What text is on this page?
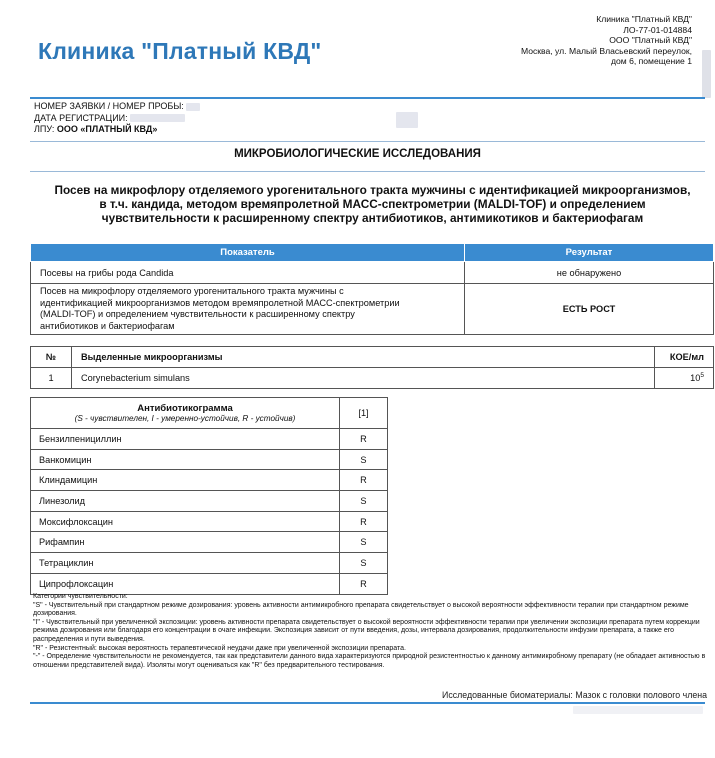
Клиника "Платный КВД"
Клиника "Платный КВД"
ЛО-77-01-014884
ООО "Платный КВД"
Москва, ул. Малый Власьевский переулок,
дом 6, помещение 1
НОМЕР ЗАЯВКИ / НОМЕР ПРОБЫ:
ДАТА РЕГИСТРАЦИИ:
ЛПУ: ООО «ПЛАТНЫЙ КВД»
МИКРОБИОЛОГИЧЕСКИЕ ИССЛЕДОВАНИЯ
Посев на микрофлору отделяемого урогенитального тракта мужчины с идентификацией микроорганизмов, в т.ч. кандида, методом времяпролетной МАСС-спектрометрии (MALDI-TOF) и определением чувствительности к расширенному спектру антибиотиков, антимикотиков и бактериофагам
Показатель	Результат
Посевы на грибы рода Candida	не обнаружено
Посев на микрофлору отделяемого урогенитального тракта мужчины с идентификацией микроорганизмов методом времяпролетной МАСС-спектрометрии (MALDI-TOF) и определением чувствительности к расширенному спектру антибиотиков и бактериофагам	ЕСТЬ РОСТ
№	Выделенные микроорганизмы	КОЕ/мл
1	Corynebacterium simulans	$10^5$
Антибиотикограмма
(S - чувствителен, I - умеренно-устойчив, R - устойчив)	[1]
Бензилпенициллин	R
Ванкомицин	S
Клиндамицин	R
Линезолид	S
Моксифлоксацин	R
Рифампин	S
Тетрациклин	S
Ципрофлоксацин	R
Категории чувствительности:
"S" - Чувствительный при стандартном режиме дозирования: уровень активности антимикробного препарата свидетельствует о высокой вероятности эффективности терапии при стандартном режиме дозирования.
"I" - Чувствительный при увеличенной экспозиции: уровень активности препарата свидетельствует о высокой вероятности эффективности терапии при увеличении экспозиции препарата путем коррекции режима дозирования или благодаря его концентрации в очаге инфекции. Экспозиция зависит от пути введения, дозы, интервала дозирования, продолжительности инфузии препарата, а также его распределения и пути выведения.
"R" - Резистентный: высокая вероятность терапевтической неудачи даже при увеличенной экспозиции препарата.
"-" - Определение чувствительности не рекомендуется, так как представители данного вида характеризуются природной резистентностью к данному антимикробному препарату (не обладает активностью в отношении представителей вида). Изоляты могут оцениваться как "R" без предварительного тестирования.
Исследованные биоматериалы: Мазок с головки полового члена
